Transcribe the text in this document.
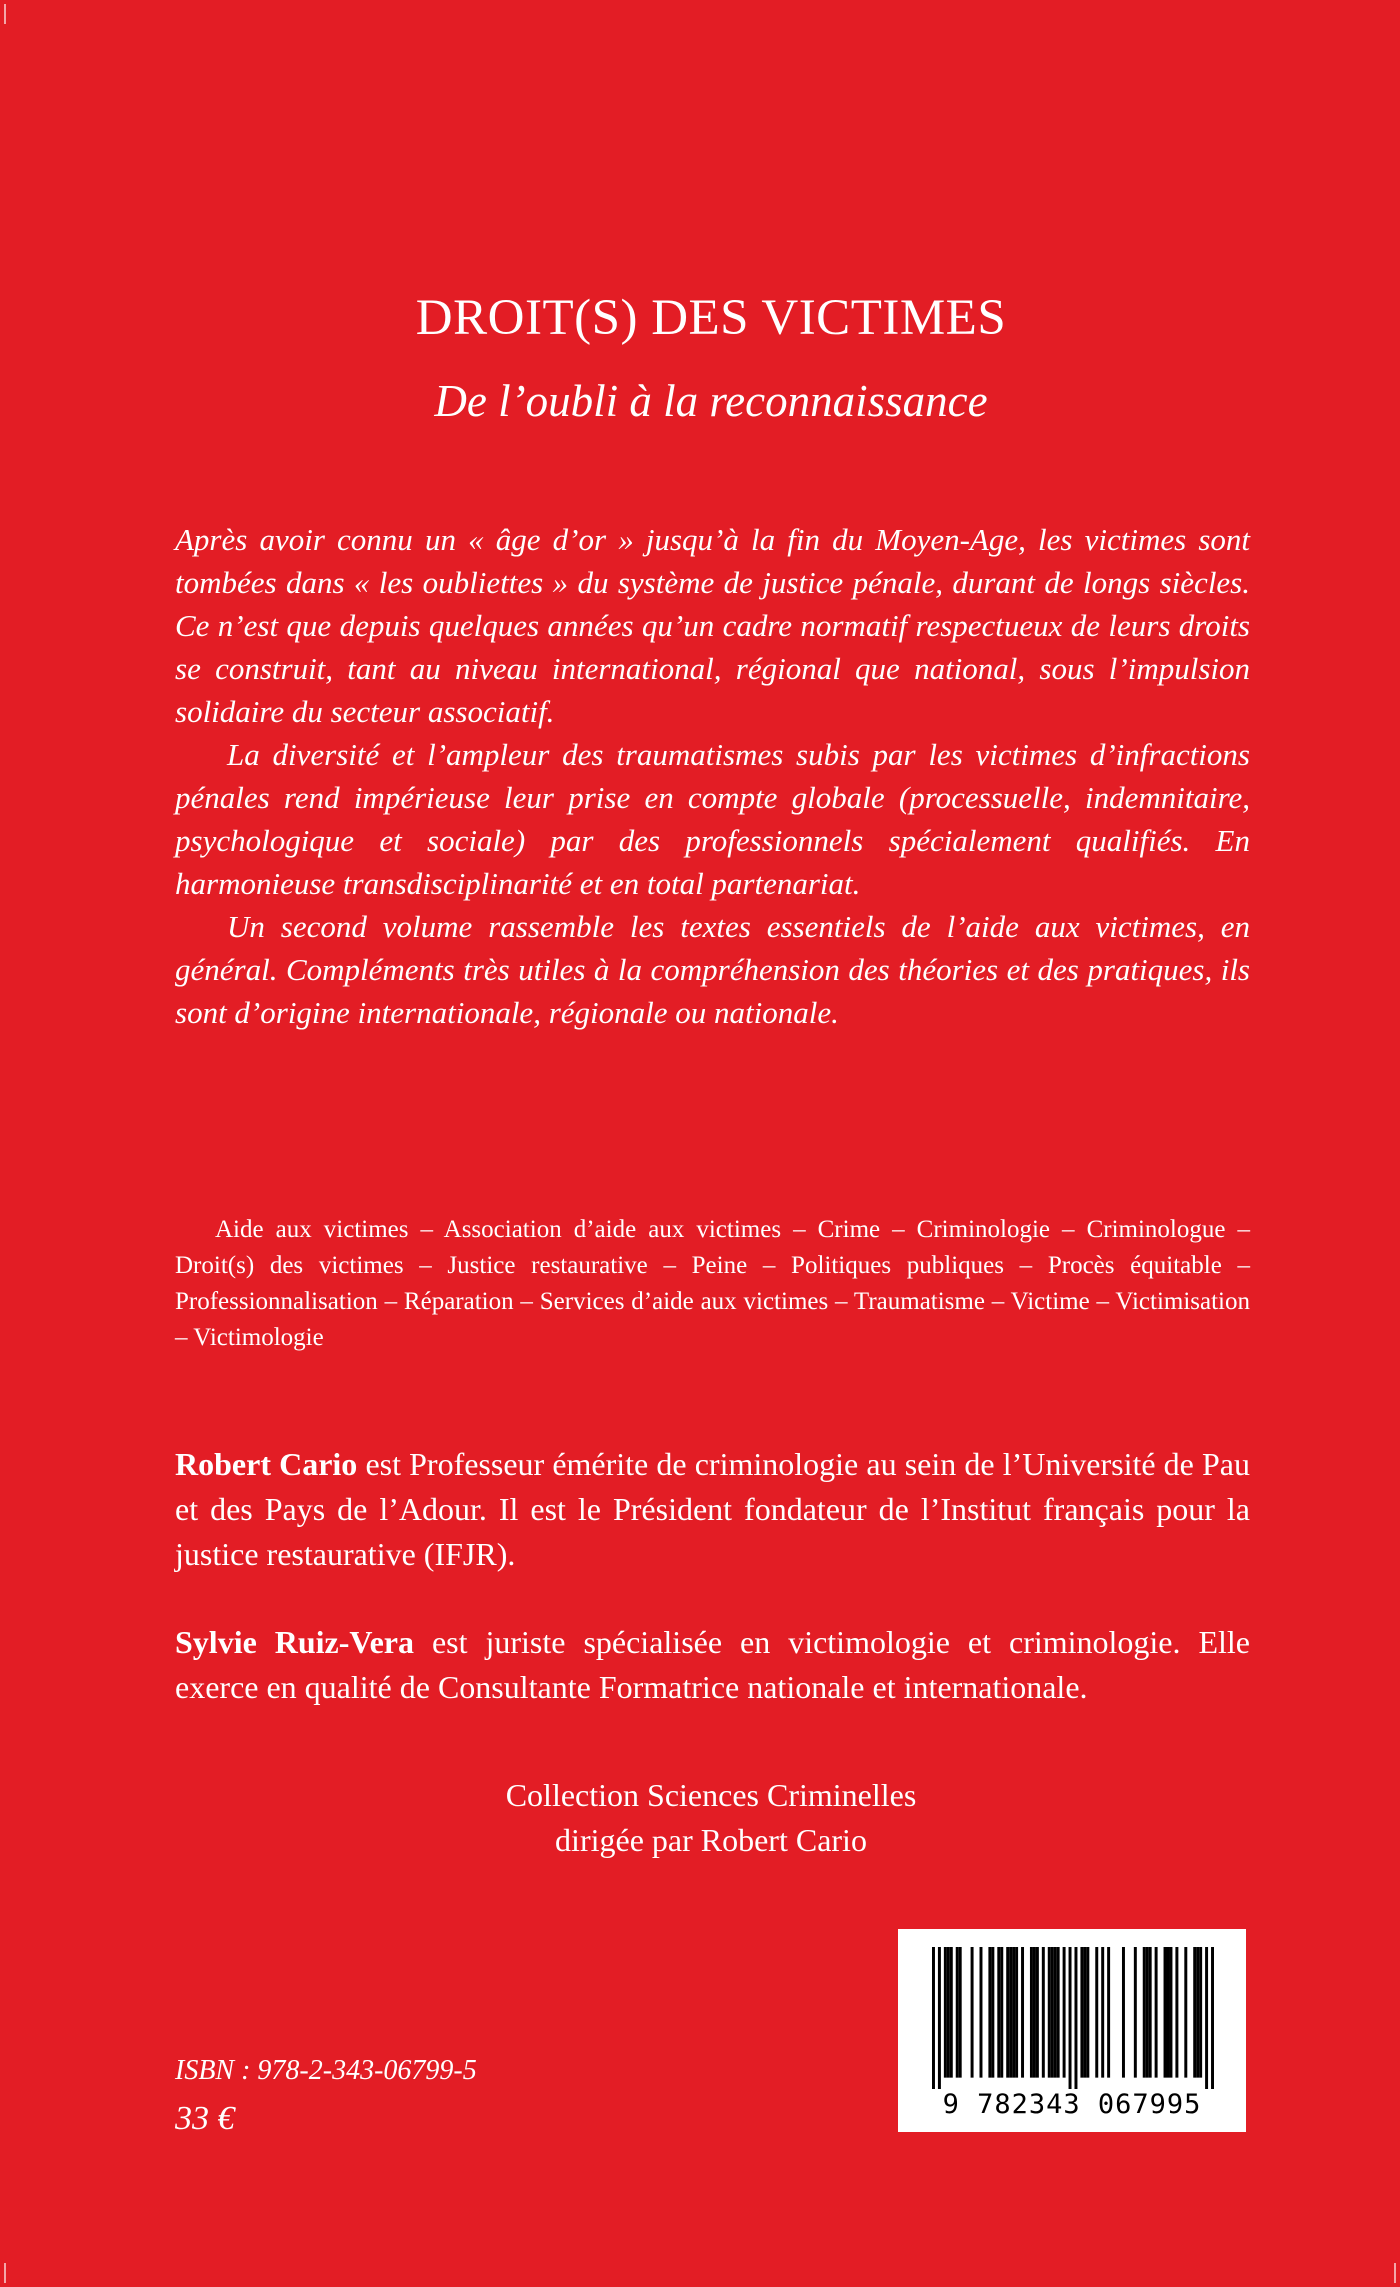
DROIT(S) DES VICTIMES
De l’oubli à la reconnaissance

Après avoir connu un « âge d’or » jusqu’à la fin du Moyen-Age, les victimes sont tombées dans « les oubliettes » du système de justice pénale, durant de longs siècles. Ce n’est que depuis quelques années qu’un cadre normatif respectueux de leurs droits se construit, tant au niveau international, régional que national, sous l’impulsion solidaire du secteur associatif.

La diversité et l’ampleur des traumatismes subis par les victimes d’infractions pénales rend impérieuse leur prise en compte globale (processuelle, indemnitaire, psychologique et sociale) par des professionnels spécialement qualifiés. En harmonieuse transdisciplinarité et en total partenariat.

Un second volume rassemble les textes essentiels de l’aide aux victimes, en général. Compléments très utiles à la compréhension des théories et des pratiques, ils sont d’origine internationale, régionale ou nationale.

Aide aux victimes – Association d’aide aux victimes – Crime – Criminologie – Criminologue – Droit(s) des victimes – Justice restaurative – Peine – Politiques publiques – Procès équitable – Professionnalisation – Réparation – Services d’aide aux victimes – Traumatisme – Victime – Victimisation – Victimologie

Robert Cario est Professeur émérite de criminologie au sein de l’Université de Pau et des Pays de l’Adour. Il est le Président fondateur de l’Institut français pour la justice restaurative (IFJR).

Sylvie Ruiz-Vera est juriste spécialisée en victimologie et criminologie. Elle exerce en qualité de Consultante Formatrice nationale et internationale.

Collection Sciences Criminelles
dirigée par Robert Cario
ISBN : 978-2-343-06799-5
33 €	9 782343 067995
